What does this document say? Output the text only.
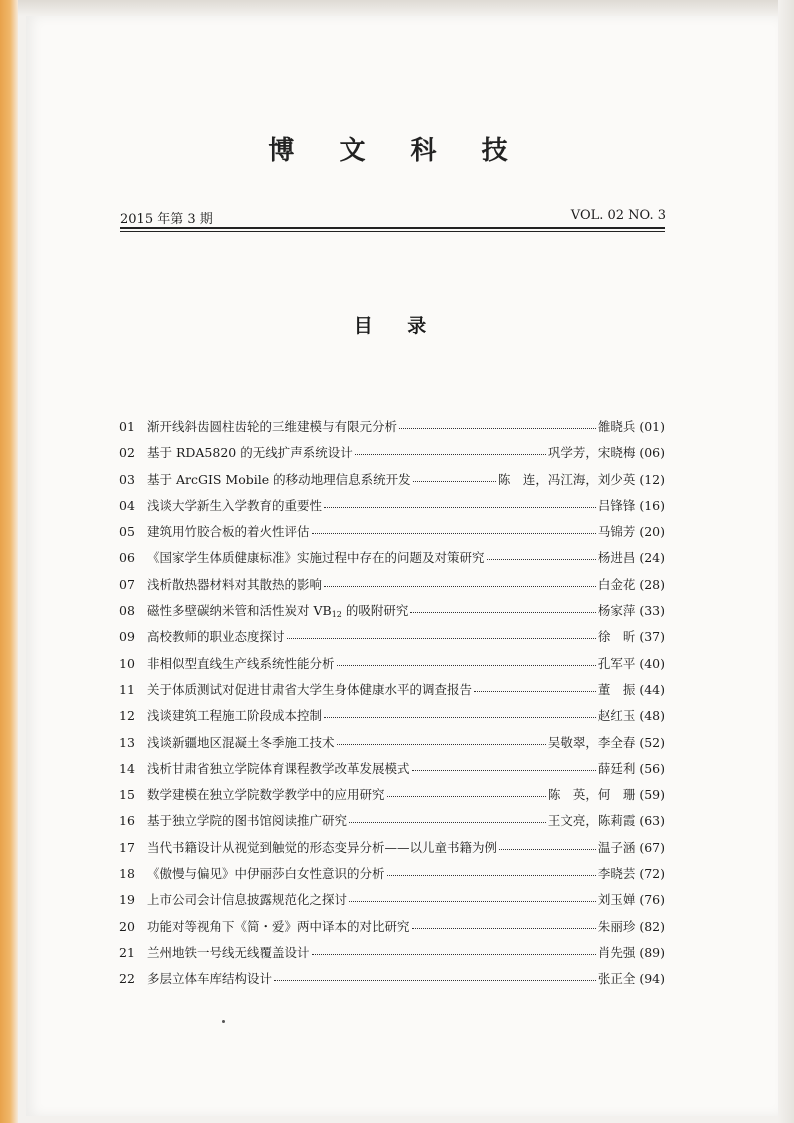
博 文 科 技
2015 年第 3 期	VOL. 02 NO. 3
目 录
01 渐开线斜齿圆柱齿轮的三维建模与有限元分析	雒晓兵 (01)
02 基于 RDA5820 的无线扩声系统设计	巩学芳，宋晓梅 (06)
03 基于 ArcGIS Mobile 的移动地理信息系统开发	陈　连，冯江海，刘少英 (12)
04 浅谈大学新生入学教育的重要性	吕锋锋 (16)
05 建筑用竹胶合板的着火性评估	马锦芳 (20)
06 《国家学生体质健康标准》实施过程中存在的问题及对策研究	杨进昌 (24)
07 浅析散热器材料对其散热的影响	白金花 (28)
08 磁性多壁碳纳米管和活性炭对 $VB_{12}$ 的吸附研究	杨家萍 (33)
09 高校教师的职业态度探讨	徐　昕 (37)
10 非相似型直线生产线系统性能分析	孔军平 (40)
11 关于体质测试对促进甘肃省大学生身体健康水平的调查报告	董　振 (44)
12 浅谈建筑工程施工阶段成本控制	赵红玉 (48)
13 浅谈新疆地区混凝土冬季施工技术	吴敬翠，李全春 (52)
14 浅析甘肃省独立学院体育课程教学改革发展模式	薛廷利 (56)
15 数学建模在独立学院数学教学中的应用研究	陈　英，何　珊 (59)
16 基于独立学院的图书馆阅读推广研究	王文亮，陈莉霞 (63)
17 当代书籍设计从视觉到触觉的形态变异分析——以儿童书籍为例	温子涵 (67)
18 《傲慢与偏见》中伊丽莎白女性意识的分析	李晓芸 (72)
19 上市公司会计信息披露规范化之探讨	刘玉婵 (76)
20 功能对等视角下《简・爱》两中译本的对比研究	朱丽珍 (82)
21 兰州地铁一号线无线覆盖设计	肖先强 (89)
22 多层立体车库结构设计	张正全 (94)
